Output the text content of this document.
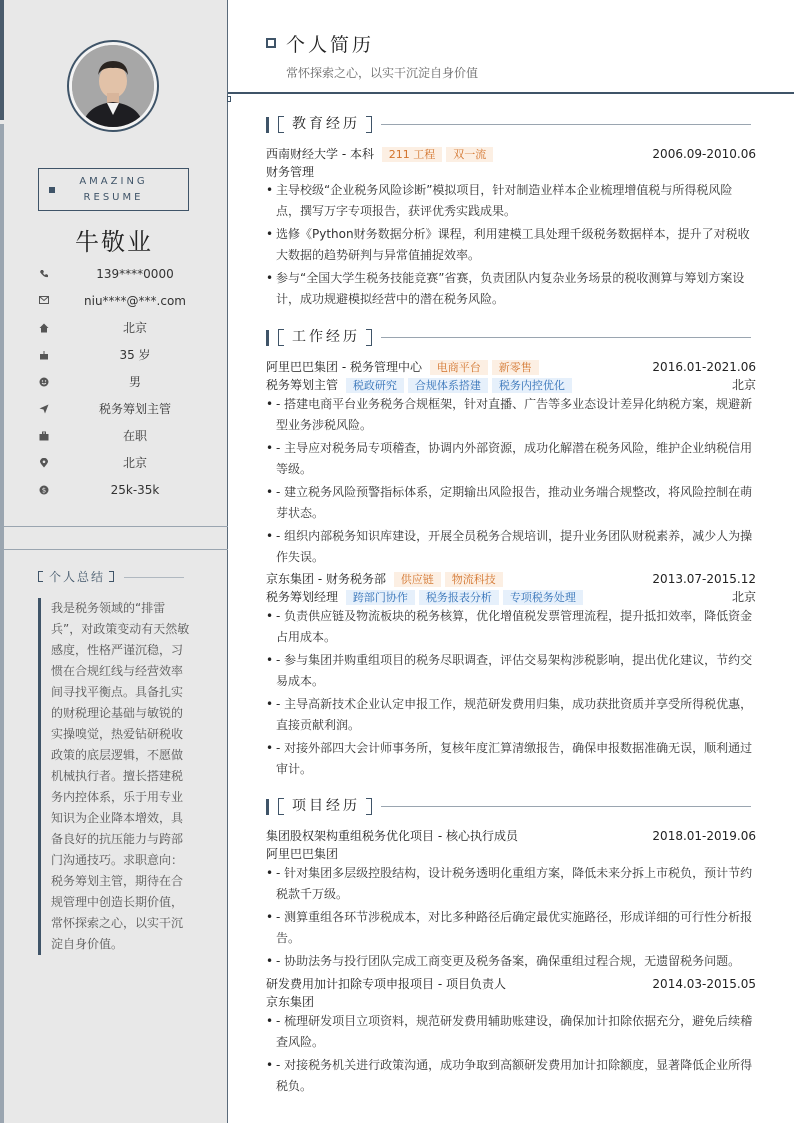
AMAZING
RESUME
牛敬业
139****0000
niu****@***.com
北京
35 岁
男
税务筹划主管
在职
北京
$	25k-35k
个人总结
我是税务领域的“排雷兵”，对政策变动有天然敏感度，性格严谨沉稳，习惯在合规红线与经营效率间寻找平衡点。具备扎实的财税理论基础与敏锐的实操嗅觉，热爱钻研税收政策的底层逻辑，不愿做机械执行者。擅长搭建税务内控体系，乐于用专业知识为企业降本增效，具备良好的抗压能力与跨部门沟通技巧。求职意向：税务筹划主管，期待在合规管理中创造长期价值，常怀探索之心，以实干沉淀自身价值。
个人简历
常怀探索之心，以实干沉淀自身价值
教育经历
西南财经大学 - 本科 211 工程 双一流	2006.09-2010.06
财务管理
• 主导校级“企业税务风险诊断”模拟项目，针对制造业样本企业梳理增值税与所得税风险点，撰写万字专项报告，获评优秀实践成果。
• 选修《Python财务数据分析》课程，利用建模工具处理千级税务数据样本，提升了对税收大数据的趋势研判与异常值捕捉效率。
• 参与“全国大学生税务技能竞赛”省赛，负责团队内复杂业务场景的税收测算与筹划方案设计，成功规避模拟经营中的潜在税务风险。
工作经历
阿里巴巴集团 - 税务管理中心 电商平台 新零售	2016.01-2021.06
税务筹划主管 税政研究 合规体系搭建 税务内控优化	北京
• - 搭建电商平台业务税务合规框架，针对直播、广告等多业态设计差异化纳税方案，规避新型业务涉税风险。
• - 主导应对税务局专项稽查，协调内外部资源，成功化解潜在税务风险，维护企业纳税信用等级。
• - 建立税务风险预警指标体系，定期输出风险报告，推动业务端合规整改，将风险控制在萌芽状态。
• - 组织内部税务知识库建设，开展全员税务合规培训，提升业务团队财税素养，减少人为操作失误。
京东集团 - 财务税务部 供应链 物流科技	2013.07-2015.12
税务筹划经理 跨部门协作 税务报表分析 专项税务处理	北京
• - 负责供应链及物流板块的税务核算，优化增值税发票管理流程，提升抵扣效率，降低资金占用成本。
• - 参与集团并购重组项目的税务尽职调查，评估交易架构涉税影响，提出优化建议，节约交易成本。
• - 主导高新技术企业认定申报工作，规范研发费用归集，成功获批资质并享受所得税优惠，直接贡献利润。
• - 对接外部四大会计师事务所，复核年度汇算清缴报告，确保申报数据准确无误，顺利通过审计。
项目经历
集团股权架构重组税务优化项目 - 核心执行成员	2018.01-2019.06
阿里巴巴集团
• - 针对集团多层级控股结构，设计税务透明化重组方案，降低未来分拆上市税负，预计节约税款千万级。
• - 测算重组各环节涉税成本，对比多种路径后确定最优实施路径，形成详细的可行性分析报告。
• - 协助法务与投行团队完成工商变更及税务备案，确保重组过程合规，无遗留税务问题。
研发费用加计扣除专项申报项目 - 项目负责人	2014.03-2015.05
京东集团
• - 梳理研发项目立项资料，规范研发费用辅助账建设，确保加计扣除依据充分，避免后续稽查风险。
• - 对接税务机关进行政策沟通，成功争取到高额研发费用加计扣除额度，显著降低企业所得税负。
